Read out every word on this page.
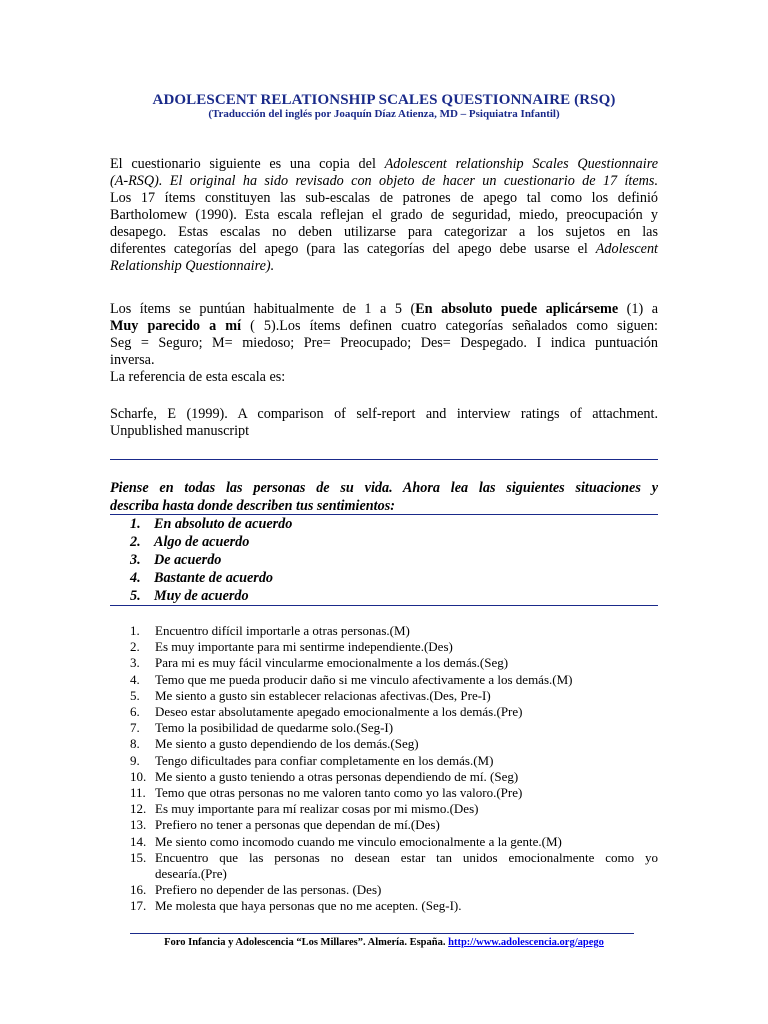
ADOLESCENT RELATIONSHIP SCALES QUESTIONNAIRE (RSQ)
(Traducción del inglés por Joaquín Díaz Atienza, MD – Psiquiatra Infantil)
El cuestionario siguiente es una copia del Adolescent relationship Scales Questionnaire
(A-RSQ). El original ha sido revisado con objeto de hacer un cuestionario de 17 ítems.
Los 17 ítems constituyen las sub-escalas de patrones de apego tal como los definió
Bartholomew (1990). Esta escala reflejan el grado de seguridad, miedo, preocupación y
desapego. Estas escalas no deben utilizarse para categorizar a los sujetos en las
diferentes categorías del apego (para las categorías del apego debe usarse el Adolescent
Relationship Questionnaire).
Los ítems se puntúan habitualmente de 1 a 5 (En absoluto puede aplicárseme (1) a
Muy parecido a mí ( 5).Los ítems definen cuatro categorías señalados como siguen:
Seg = Seguro; M= miedoso; Pre= Preocupado; Des= Despegado. I indica puntuación
inversa.
La referencia de esta escala es:
Scharfe, E (1999). A comparison of self-report and interview ratings of attachment.
Unpublished manuscript
Piense en todas las personas de su vida. Ahora lea las siguientes situaciones y
describa hasta donde describen tus sentimientos:
1. En absoluto de acuerdo
2. Algo de acuerdo
3. De acuerdo
4. Bastante de acuerdo
5. Muy de acuerdo
1.	Encuentro difícil importarle a otras personas.(M)
2.	Es muy importante para mi sentirme independiente.(Des)
3.	Para mi es muy fácil vincularme emocionalmente a los demás.(Seg)
4.	Temo que me pueda producir daño si me vinculo afectivamente a los demás.(M)
5.	Me siento a gusto sin establecer relacionas afectivas.(Des, Pre-I)
6.	Deseo estar absolutamente apegado emocionalmente a los demás.(Pre)
7.	Temo la posibilidad de quedarme solo.(Seg-I)
8.	Me siento a gusto dependiendo de los demás.(Seg)
9.	Tengo dificultades para confiar completamente en los demás.(M)
10. Me siento a gusto teniendo a otras personas dependiendo de mí. (Seg)
11. Temo que otras personas no me valoren tanto como yo las valoro.(Pre)
12. Es muy importante para mí realizar cosas por mi mismo.(Des)
13. Prefiero no tener a personas que dependan de mí.(Des)
14. Me siento como incomodo cuando me vinculo emocionalmente a la gente.(M)
15. Encuentro que las personas no desean estar tan unidos emocionalmente como yo
desearía.(Pre)
16. Prefiero no depender de las personas. (Des)
17. Me molesta que haya personas que no me acepten. (Seg-I).
Foro Infancia y Adolescencia “Los Millares”. Almería. España. http://www.adolescencia.org/apego
